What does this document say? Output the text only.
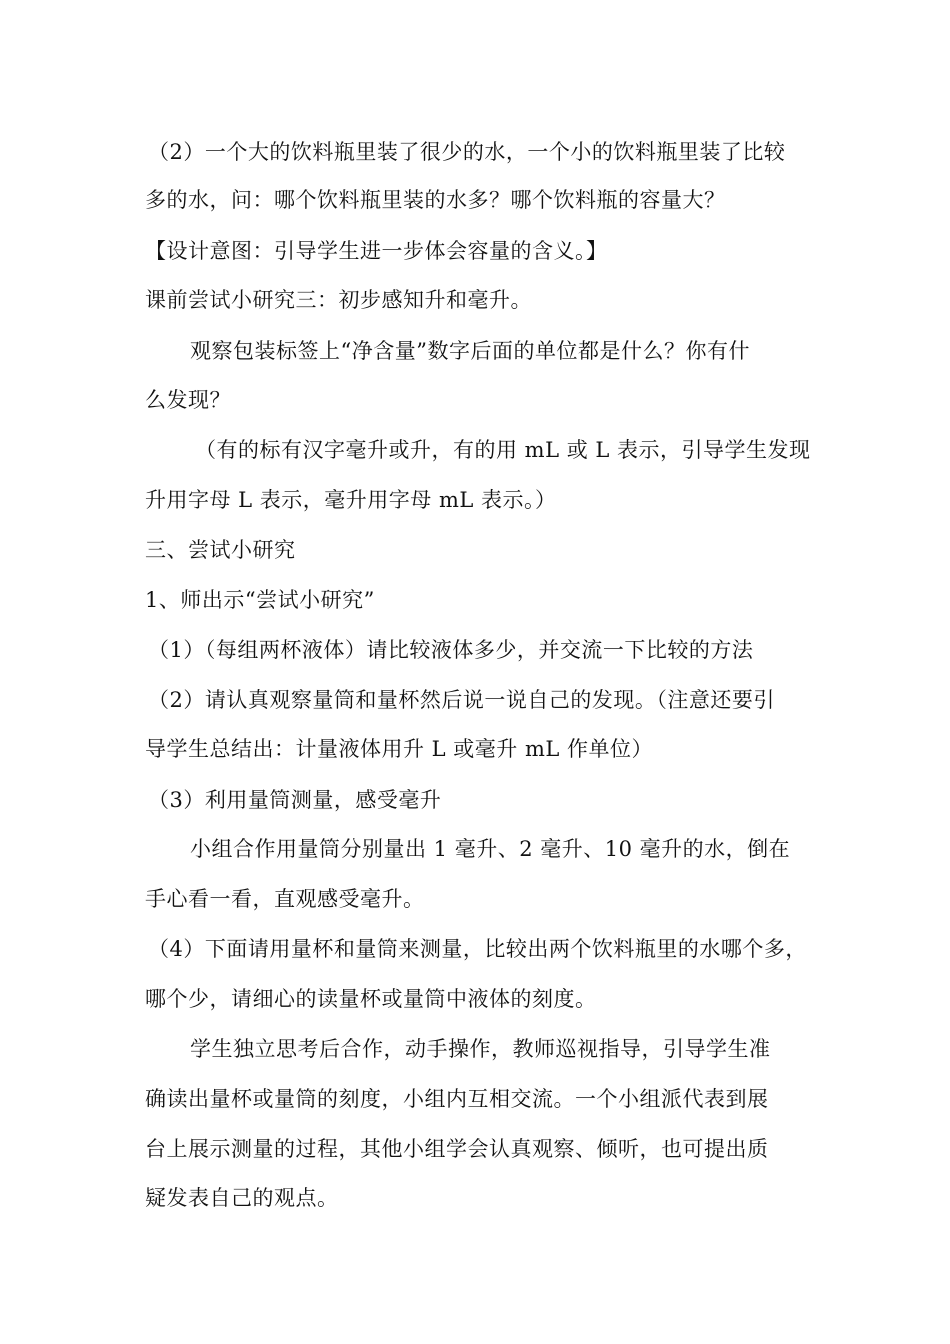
（2）一个大的饮料瓶里装了很少的水，一个小的饮料瓶里装了比较
多的水，问：哪个饮料瓶里装的水多？哪个饮料瓶的容量大？
【设计意图：引导学生进一步体会容量的含义。】
课前尝试小研究三：初步感知升和毫升。
观察包装标签上“净含量”数字后面的单位都是什么？你有什
么发现？
（有的标有汉字毫升或升，有的用 mL 或 L 表示，引导学生发现
升用字母 L 表示，毫升用字母 mL 表示。）
三、尝试小研究
1、师出示“尝试小研究”
（1）（每组两杯液体）请比较液体多少，并交流一下比较的方法
（2）请认真观察量筒和量杯然后说一说自己的发现。（注意还要引
导学生总结出：计量液体用升 L 或毫升 mL 作单位）
（3）利用量筒测量，感受毫升
小组合作用量筒分别量出 1 毫升、2 毫升、10 毫升的水，倒在
手心看一看，直观感受毫升。
（4）下面请用量杯和量筒来测量，比较出两个饮料瓶里的水哪个多，
哪个少，请细心的读量杯或量筒中液体的刻度。
学生独立思考后合作，动手操作，教师巡视指导，引导学生准
确读出量杯或量筒的刻度，小组内互相交流。一个小组派代表到展
台上展示测量的过程，其他小组学会认真观察、倾听，也可提出质
疑发表自己的观点。
